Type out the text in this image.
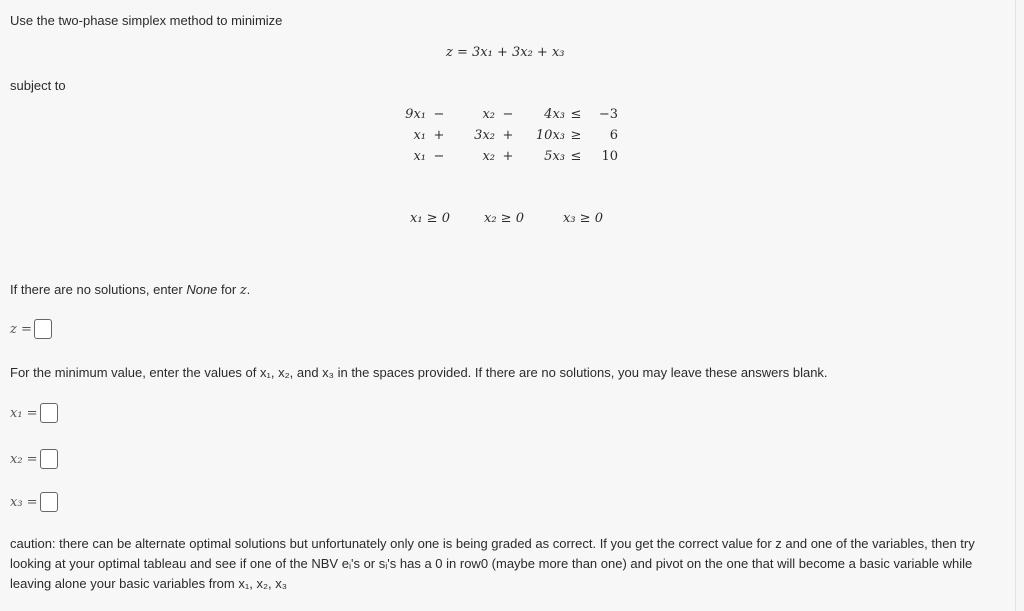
Use the two-phase simplex method to minimize
z = 3x₁ + 3x₂ + x₃
subject to
9x₁ −	x₂ −	4x₃ ≤	−3
x₁ +	3x₂ +	10x₃ ≥	6
x₁ −	x₂ +	5x₃ ≤	10
x₁ ≥ 0	x₂ ≥ 0	x₃ ≥ 0
If there are no solutions, enter None for z.
z =
For the minimum value, enter the values of x₁, x₂, and x₃ in the spaces provided. If there are no solutions, you may leave these answers blank.
x₁ =
x₂ =
x₃ =
caution: there can be alternate optimal solutions but unfortunately only one is being graded as correct. If you get the correct value for z and one of the variables, then try looking at your optimal tableau and see if one of the NBV eᵢ's or sᵢ's has a 0 in row0 (maybe more than one) and pivot on the one that will become a basic variable while leaving alone your basic variables from x₁, x₂, x₃
